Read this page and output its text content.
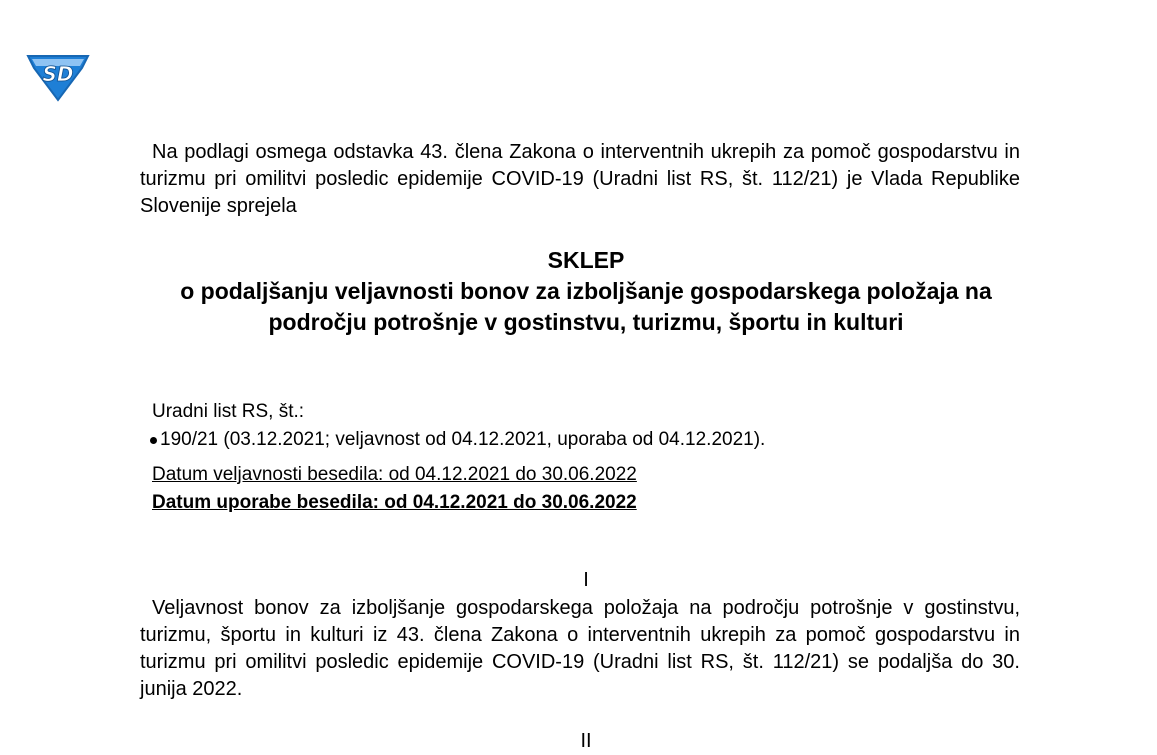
SD
Na podlagi osmega odstavka 43. člena Zakona o interventnih ukrepih za pomoč gospodarstvu in turizmu pri omilitvi posledic epidemije COVID-19 (Uradni list RS, št. 112/21) je Vlada Republike Slovenije sprejela
SKLEP
o podaljšanju veljavnosti bonov za izboljšanje gospodarskega položaja na področju potrošnje v gostinstvu, turizmu, športu in kulturi
Uradni list RS, št.:
190/21 (03.12.2021; veljavnost od 04.12.2021, uporaba od 04.12.2021).
Datum veljavnosti besedila: od 04.12.2021 do 30.06.2022
Datum uporabe besedila: od 04.12.2021 do 30.06.2022
I
Veljavnost bonov za izboljšanje gospodarskega položaja na področju potrošnje v gostinstvu, turizmu, športu in kulturi iz 43. člena Zakona o interventnih ukrepih za pomoč gospodarstvu in turizmu pri omilitvi posledic epidemije COVID-19 (Uradni list RS, št. 112/21) se podaljša do 30. junija 2022.
II
